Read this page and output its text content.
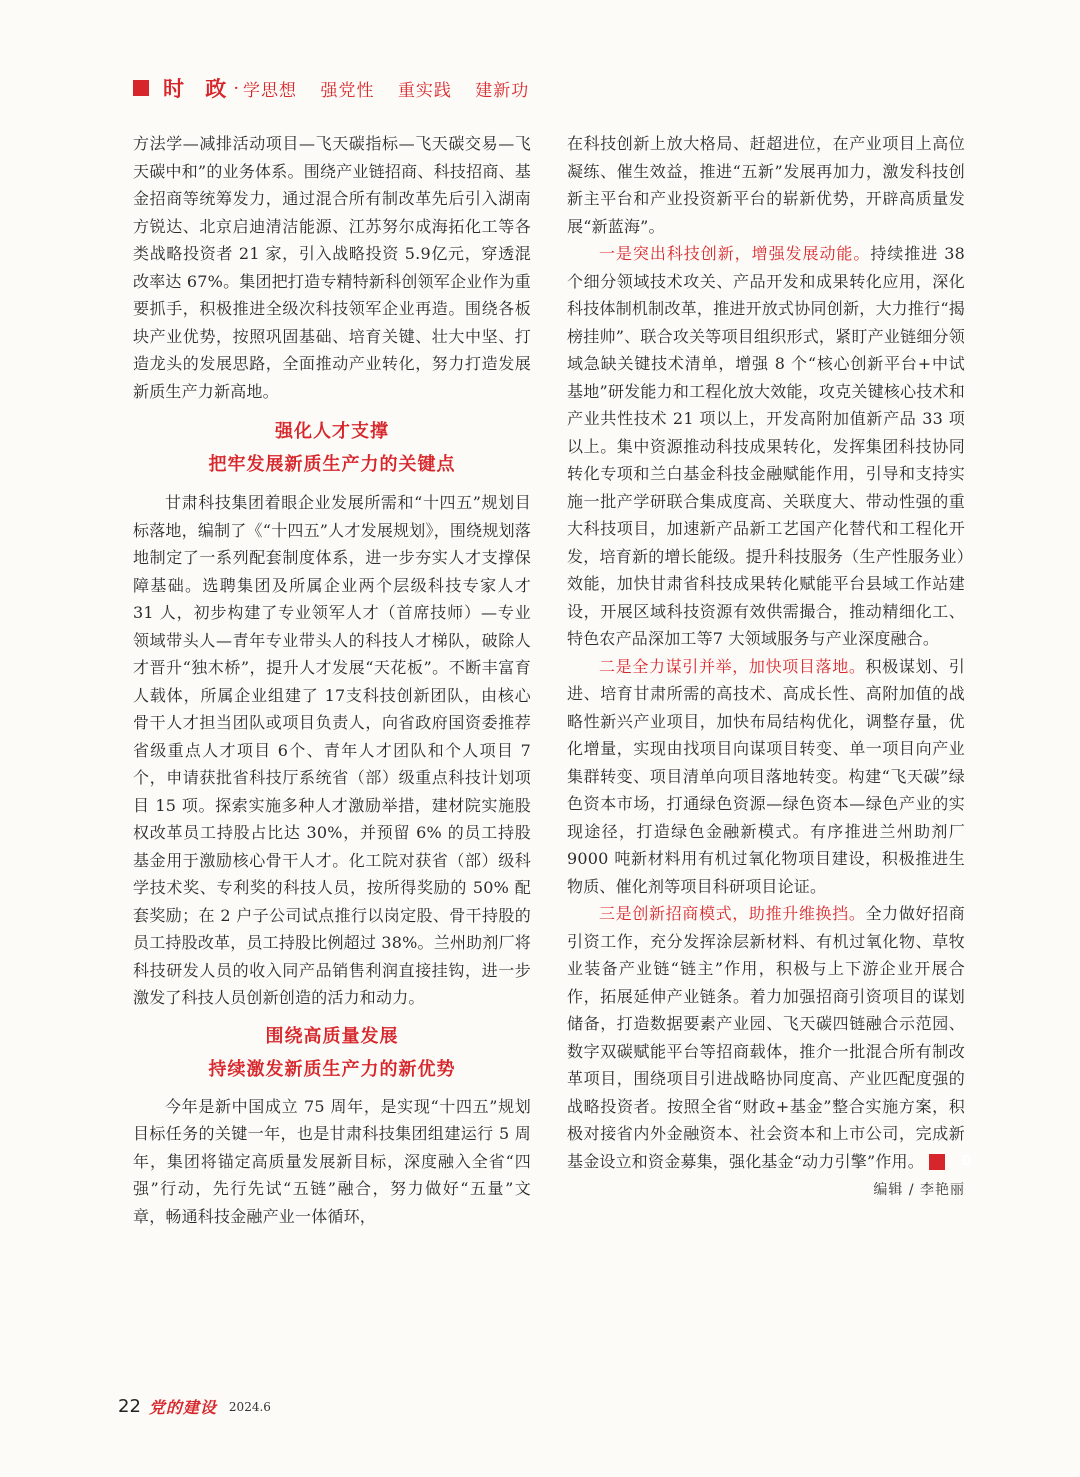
时 政 · 学思想 强党性 重实践 建新功

方法学—减排活动项目—飞天碳指标—飞天碳交易—飞天碳中和”的业务体系。围绕产业链招商、科技招商、基金招商等统筹发力，通过混合所有制改革先后引入湖南方锐达、北京启迪清洁能源、江苏努尔成海拓化工等各类战略投资者 21 家，引入战略投资 5.9亿元，穿透混改率达 67%。集团把打造专精特新科创领军企业作为重要抓手，积极推进全级次科技领军企业再造。围绕各板块产业优势，按照巩固基础、培育关键、壮大中坚、打造龙头的发展思路，全面推动产业转化，努力打造发展新质生产力新高地。

强化人才支撑
把牢发展新质生产力的关键点

甘肃科技集团着眼企业发展所需和“十四五”规划目标落地，编制了《“十四五”人才发展规划》，围绕规划落地制定了一系列配套制度体系，进一步夯实人才支撑保障基础。选聘集团及所属企业两个层级科技专家人才 31 人，初步构建了专业领军人才（首席技师）—专业领域带头人—青年专业带头人的科技人才梯队，破除人才晋升“独木桥”，提升人才发展“天花板”。不断丰富育人载体，所属企业组建了 17支科技创新团队，由核心骨干人才担当团队或项目负责人，向省政府国资委推荐省级重点人才项目 6个、青年人才团队和个人项目 7 个，申请获批省科技厅系统省（部）级重点科技计划项目 15 项。探索实施多种人才激励举措，建材院实施股权改革员工持股占比达 30%，并预留 6% 的员工持股基金用于激励核心骨干人才。化工院对获省（部）级科学技术奖、专利奖的科技人员，按所得奖励的 50% 配套奖励；在 2 户子公司试点推行以岗定股、骨干持股的员工持股改革，员工持股比例超过 38%。兰州助剂厂将科技研发人员的收入同产品销售利润直接挂钩，进一步激发了科技人员创新创造的活力和动力。

围绕高质量发展
持续激发新质生产力的新优势

今年是新中国成立 75 周年，是实现“十四五”规划目标任务的关键一年，也是甘肃科技集团组建运行 5 周年，集团将锚定高质量发展新目标，深度融入全省“四强”行动，先行先试“五链”融合，努力做好“五量”文章，畅通科技金融产业一体循环，

在科技创新上放大格局、赶超进位，在产业项目上高位凝练、催生效益，推进“五新”发展再加力，激发科技创新主平台和产业投资新平台的崭新优势，开辟高质量发展“新蓝海”。

一是突出科技创新，增强发展动能。持续推进 38个细分领域技术攻关、产品开发和成果转化应用，深化科技体制机制改革，推进开放式协同创新，大力推行“揭榜挂帅”、联合攻关等项目组织形式，紧盯产业链细分领域急缺关键技术清单，增强 8 个“核心创新平台+中试基地”研发能力和工程化放大效能，攻克关键核心技术和产业共性技术 21 项以上，开发高附加值新产品 33 项以上。集中资源推动科技成果转化，发挥集团科技协同转化专项和兰白基金科技金融赋能作用，引导和支持实施一批产学研联合集成度高、关联度大、带动性强的重大科技项目，加速新产品新工艺国产化替代和工程化开发，培育新的增长能级。提升科技服务（生产性服务业）效能，加快甘肃省科技成果转化赋能平台县域工作站建设，开展区域科技资源有效供需撮合，推动精细化工、特色农产品深加工等7 大领域服务与产业深度融合。

二是全力谋引并举，加快项目落地。积极谋划、引进、培育甘肃所需的高技术、高成长性、高附加值的战略性新兴产业项目，加快布局结构优化，调整存量，优化增量，实现由找项目向谋项目转变、单一项目向产业集群转变、项目清单向项目落地转变。构建“飞天碳”绿色资本市场，打通绿色资源—绿色资本—绿色产业的实现途径，打造绿色金融新模式。有序推进兰州助剂厂 9000 吨新材料用有机过氧化物项目建设，积极推进生物质、催化剂等项目科研项目论证。

三是创新招商模式，助推升维换挡。全力做好招商引资工作，充分发挥涂层新材料、有机过氧化物、草牧业装备产业链“链主”作用，积极与上下游企业开展合作，拓展延伸产业链条。着力加强招商引资项目的谋划储备，打造数据要素产业园、飞天碳四链融合示范园、数字双碳赋能平台等招商载体，推介一批混合所有制改革项目，围绕项目引进战略协同度高、产业匹配度强的战略投资者。按照全省“财政+基金”整合实施方案，积极对接省内外金融资本、社会资本和上市公司，完成新基金设立和资金募集，强化基金“动力引擎”作用。	D

编辑 / 李艳丽
22 党的建设 2024.6
